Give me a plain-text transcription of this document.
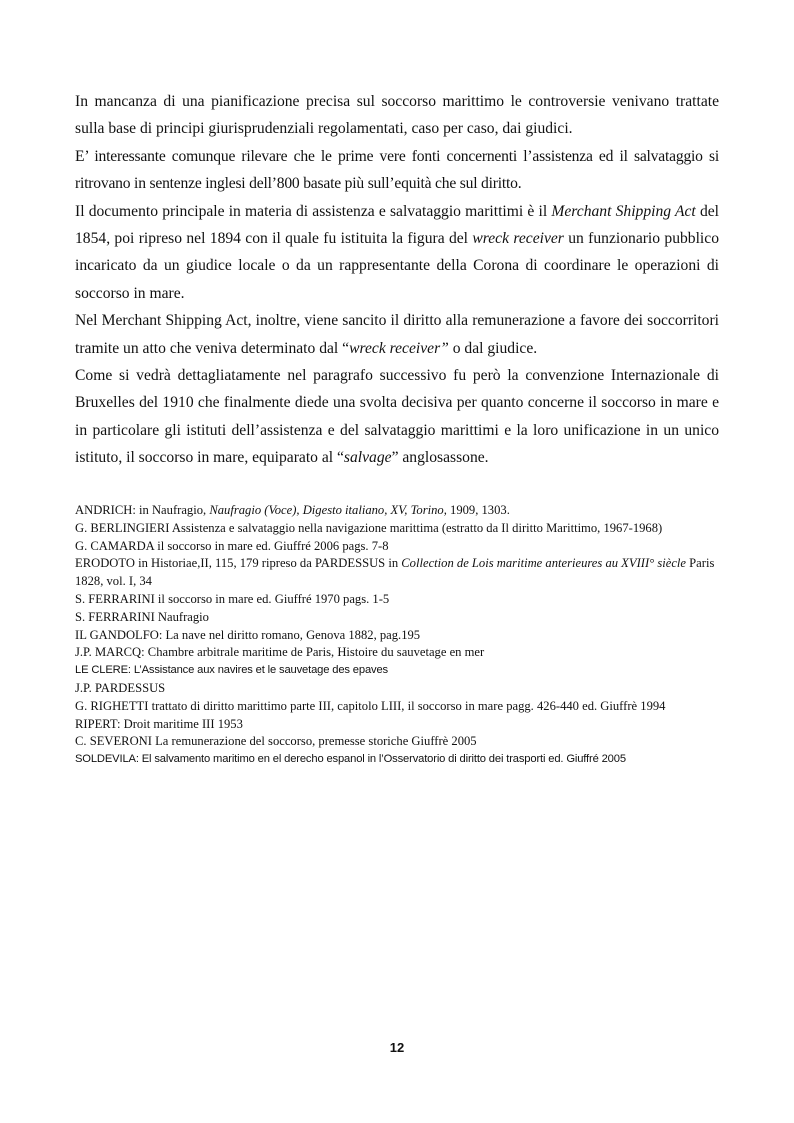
In mancanza di una pianificazione precisa sul soccorso marittimo le controversie venivano trattate sulla base di principi giurisprudenziali regolamentati, caso per caso, dai giudici.

E’ interessante comunque rilevare che le prime vere fonti concernenti l’assistenza ed il salvataggio si ritrovano in sentenze inglesi dell’800 basate più sull’equità che sul diritto.

Il documento principale in materia di assistenza e salvataggio marittimi è il Merchant Shipping Act del 1854, poi ripreso nel 1894 con il quale fu istituita la figura del wreck receiver un funzionario pubblico incaricato da un giudice locale o da un rappresentante della Corona di coordinare le operazioni di soccorso in mare.

Nel Merchant Shipping Act, inoltre, viene sancito il diritto alla remunerazione a favore dei soccorritori tramite un atto che veniva determinato dal “wreck receiver” o dal giudice.

Come si vedrà dettagliatamente nel paragrafo successivo fu però la convenzione Internazionale di Bruxelles del 1910 che finalmente diede una svolta decisiva per quanto concerne il soccorso in mare e in particolare gli istituti dell’assistenza e del salvataggio marittimi e la loro unificazione in un unico istituto, il soccorso in mare, equiparato al “salvage” anglosassone.

ANDRICH: in Naufragio, Naufragio (Voce), Digesto italiano, XV, Torino, 1909, 1303.
G. BERLINGIERI Assistenza e salvataggio nella navigazione marittima (estratto da Il diritto Marittimo, 1967-1968)
G. CAMARDA il soccorso in mare ed. Giuffré 2006 pags. 7-8
ERODOTO in Historiae,II, 115, 179 ripreso da PARDESSUS in Collection de Lois maritime anterieures au XVIII° siècle Paris 1828, vol. I, 34
S. FERRARINI il soccorso in mare ed. Giuffré 1970 pags. 1-5
S. FERRARINI Naufragio
IL GANDOLFO: La nave nel diritto romano, Genova 1882, pag.195
J.P. MARCQ: Chambre arbitrale maritime de Paris, Histoire du sauvetage en mer
LE CLERE: L’Assistance aux navires et le sauvetage des epaves
J.P. PARDESSUS
G. RIGHETTI trattato di diritto marittimo parte III, capitolo LIII, il soccorso in mare pagg. 426-440 ed. Giuffrè 1994
RIPERT: Droit maritime III 1953
C. SEVERONI La remunerazione del soccorso, premesse storiche Giuffrè 2005
SOLDEVILA: El salvamento maritimo en el derecho espanol in l’Osservatorio di diritto dei trasporti ed. Giuffré 2005
12
